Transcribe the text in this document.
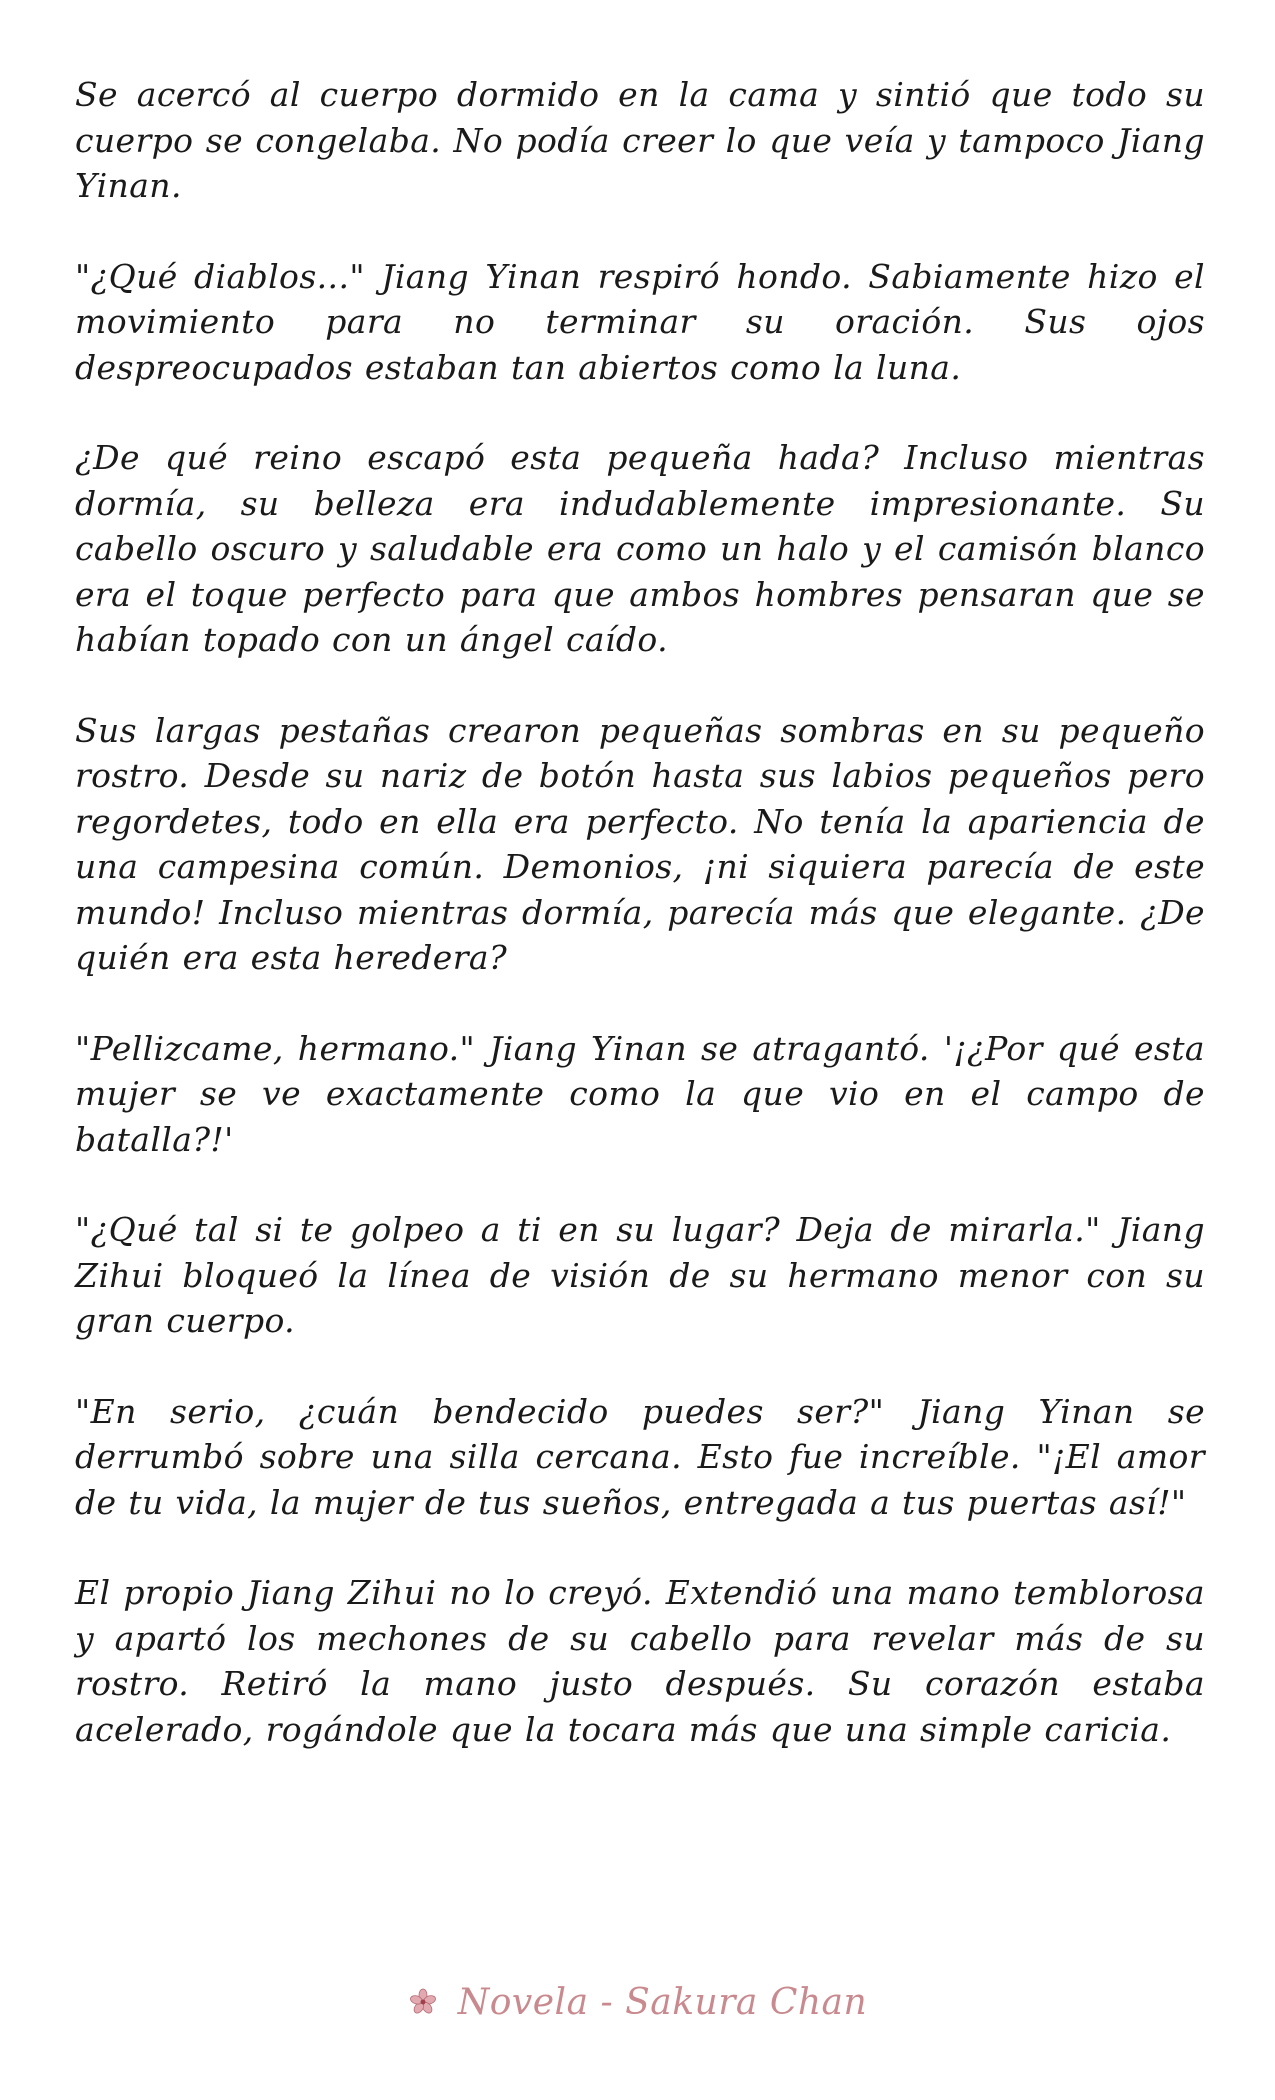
Se acercó al cuerpo dormido en la cama y sintió que todo su cuerpo se congelaba. No podía creer lo que veía y tampoco Jiang Yinan.

"¿Qué diablos..." Jiang Yinan respiró hondo. Sabiamente hizo el movimiento para no terminar su oración. Sus ojos despreocupados estaban tan abiertos como la luna.

¿De qué reino escapó esta pequeña hada? Incluso mientras dormía, su belleza era indudablemente impresionante. Su cabello oscuro y saludable era como un halo y el camisón blanco era el toque perfecto para que ambos hombres pensaran que se habían topado con un ángel caído.

Sus largas pestañas crearon pequeñas sombras en su pequeño rostro. Desde su nariz de botón hasta sus labios pequeños pero regordetes, todo en ella era perfecto. No tenía la apariencia de una campesina común. Demonios, ¡ni siquiera parecía de este mundo! Incluso mientras dormía, parecía más que elegante. ¿De quién era esta heredera?

"Pellizcame, hermano." Jiang Yinan se atragantó. '¡¿Por qué esta mujer se ve exactamente como la que vio en el campo de batalla?!'

"¿Qué tal si te golpeo a ti en su lugar? Deja de mirarla." Jiang Zihui bloqueó la línea de visión de su hermano menor con su gran cuerpo.

"En serio, ¿cuán bendecido puedes ser?" Jiang Yinan se derrumbó sobre una silla cercana. Esto fue increíble. "¡El amor de tu vida, la mujer de tus sueños, entregada a tus puertas así!"

El propio Jiang Zihui no lo creyó. Extendió una mano temblorosa y apartó los mechones de su cabello para revelar más de su rostro. Retiró la mano justo después. Su corazón estaba acelerado, rogándole que la tocara más que una simple caricia.

Novela - Sakura Chan
